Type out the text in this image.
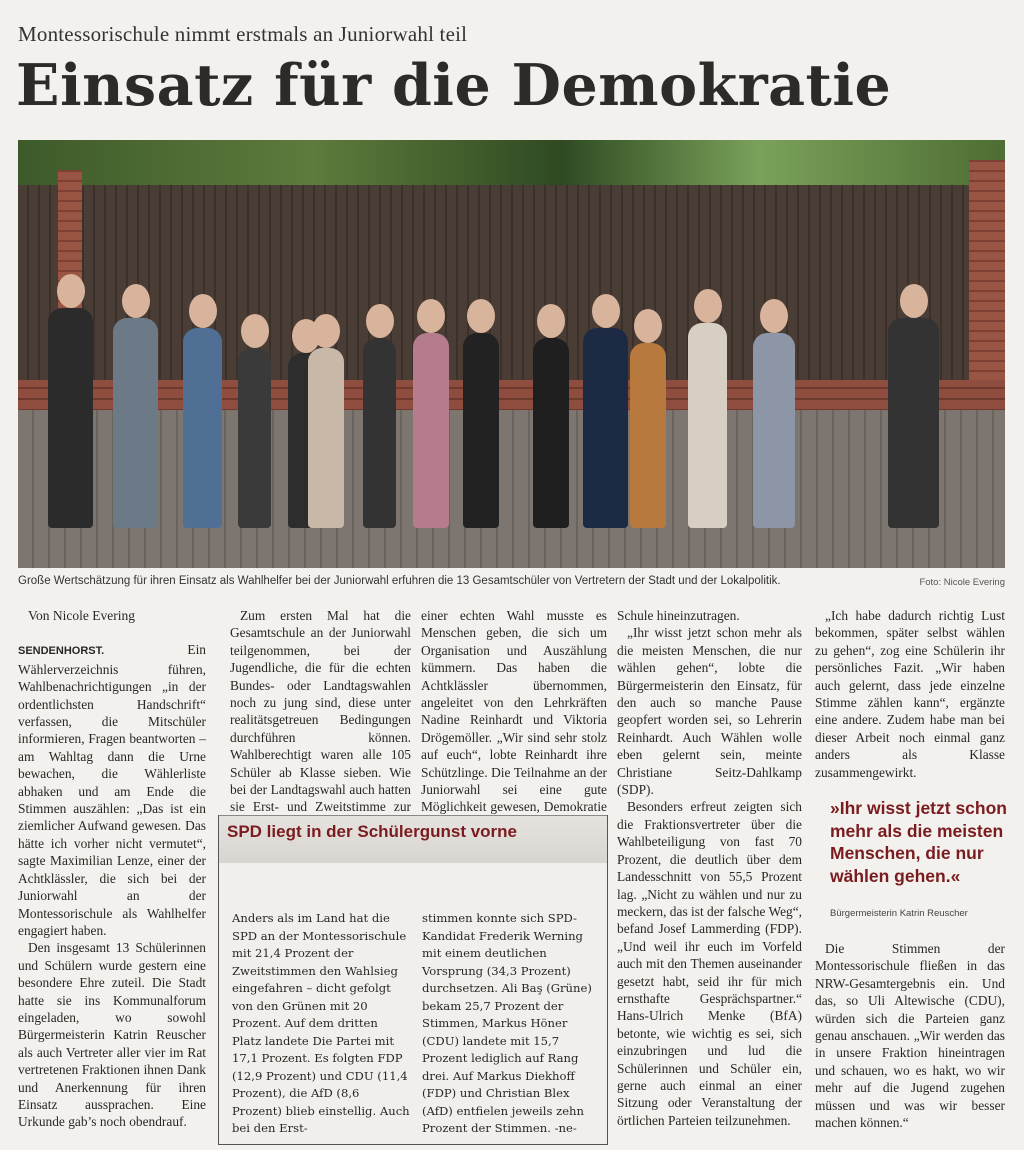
Montessorischule nimmt erstmals an Juniorwahl teil
Einsatz für die Demokratie
Große Wertschätzung für ihren Einsatz als Wahlhelfer bei der Juniorwahl erfuhren die 13 Gesamtschüler von Vertretern der Stadt und der Lokalpolitik.	Foto: Nicole Evering

Von Nicole Evering

SENDENHORST.	Ein Wählerverzeichnis führen, Wahlbenachrichtigungen „in der ordentlichsten Handschrift“ verfassen, die Mitschüler informieren, Fragen beantworten – am Wahltag dann die Urne bewachen, die Wählerliste abhaken und am Ende die Stimmen auszählen: „Das ist ein ziemlicher Aufwand gewesen. Das hätte ich vorher nicht vermutet“, sagte Maximilian Lenze, einer der Achtklässler, die sich bei der Juniorwahl an der Montessorischule als Wahlhelfer engagiert haben.

Den insgesamt 13 Schülerinnen und Schülern wurde gestern eine besondere Ehre zuteil. Die Stadt hatte sie ins Kommunalforum eingeladen, wo sowohl Bürgermeisterin Katrin Reuscher als auch Vertreter aller vier im Rat vertretenen Fraktionen ihnen Dank und Anerkennung für ihren Einsatz aussprachen. Eine Urkunde gab’s noch obendrauf.

Zum ersten Mal hat die Gesamtschule an der Juniorwahl teilgenommen, bei der Jugendliche, die für die echten Bundes- oder Landtagswahlen noch zu jung sind, diese unter realitätsgetreuen Bedingungen durchführen können. Wahlberechtigt waren alle 105 Schüler ab Klasse sieben. Wie bei der Landtagswahl auch hatten sie Erst- und Zweitstimme zur

einer echten Wahl musste es Menschen geben, die sich um Organisation und Auszählung kümmern. Das haben die Achtklässler übernommen, angeleitet von den Lehrkräften Nadine Reinhardt und Viktoria Drögemöller. „Wir sind sehr stolz auf euch“, lobte Reinhardt ihre Schützlinge. Die Teilnahme an der Juniorwahl sei eine gute Möglichkeit gewesen, Demokratie

SPD liegt in der Schülergunst vorne
Anders als im Land hat die SPD an der Montessorischule mit 21,4 Prozent der Zweitstimmen den Wahlsieg eingefahren – dicht gefolgt von den Grünen mit 20 Prozent. Auf dem dritten Platz landete Die Partei mit 17,1 Prozent. Es folgten FDP (12,9 Prozent) und CDU (11,4 Prozent), die AfD (8,6 Prozent) blieb einstellig. Auch bei den Erst-
stimmen konnte sich SPD-Kandidat Frederik Werning mit einem deutlichen Vorsprung (34,3 Prozent) durchsetzen. Ali Baş (Grüne) bekam 25,7 Prozent der Stimmen, Markus Höner (CDU) landete mit 15,7 Prozent lediglich auf Rang drei. Auf Markus Diekhoff (FDP) und Christian Blex (AfD) entfielen jeweils zehn Prozent der Stimmen. -ne-

Schule hineinzutragen.

„Ihr wisst jetzt schon mehr als die meisten Menschen, die nur wählen gehen“, lobte die Bürgermeisterin den Einsatz, für den auch so manche Pause geopfert worden sei, so Lehrerin Reinhardt. Auch Wählen wolle eben gelernt sein, meinte Christiane Seitz-Dahlkamp (SDP).

Besonders erfreut zeigten sich die Fraktionsvertreter über die Wahlbeteiligung von fast 70 Prozent, die deutlich über dem Landesschnitt von 55,5 Prozent lag. „Nicht zu wählen und nur zu meckern, das ist der falsche Weg“, befand Josef Lammerding (FDP). „Und weil ihr euch im Vorfeld auch mit den Themen auseinander gesetzt habt, seid ihr für mich ernsthafte Gesprächspartner.“ Hans-Ulrich Menke (BfA) betonte, wie wichtig es sei, sich einzubringen und lud die Schülerinnen und Schüler ein, gerne auch einmal an einer Sitzung oder Veranstaltung der örtlichen Parteien teilzunehmen.

„Ich habe dadurch richtig Lust bekommen, später selbst wählen zu gehen“, zog eine Schülerin ihr persönliches Fazit. „Wir haben auch gelernt, dass jede einzelne Stimme zählen kann“, ergänzte eine andere. Zudem habe man bei dieser Arbeit noch einmal ganz anders als Klasse zusammengewirkt.

»Ihr wisst jetzt schon mehr als die meisten Menschen, die nur wählen gehen.«
Bürgermeisterin Katrin Reuscher

Die Stimmen der Montessorischule fließen in das NRW-Gesamtergebnis ein. Und das, so Uli Altewische (CDU), würden sich die Parteien ganz genau anschauen. „Wir werden das in unsere Fraktion hineintragen und schauen, wo es hakt, wo wir mehr auf die Jugend zugehen müssen und was wir besser machen können.“
